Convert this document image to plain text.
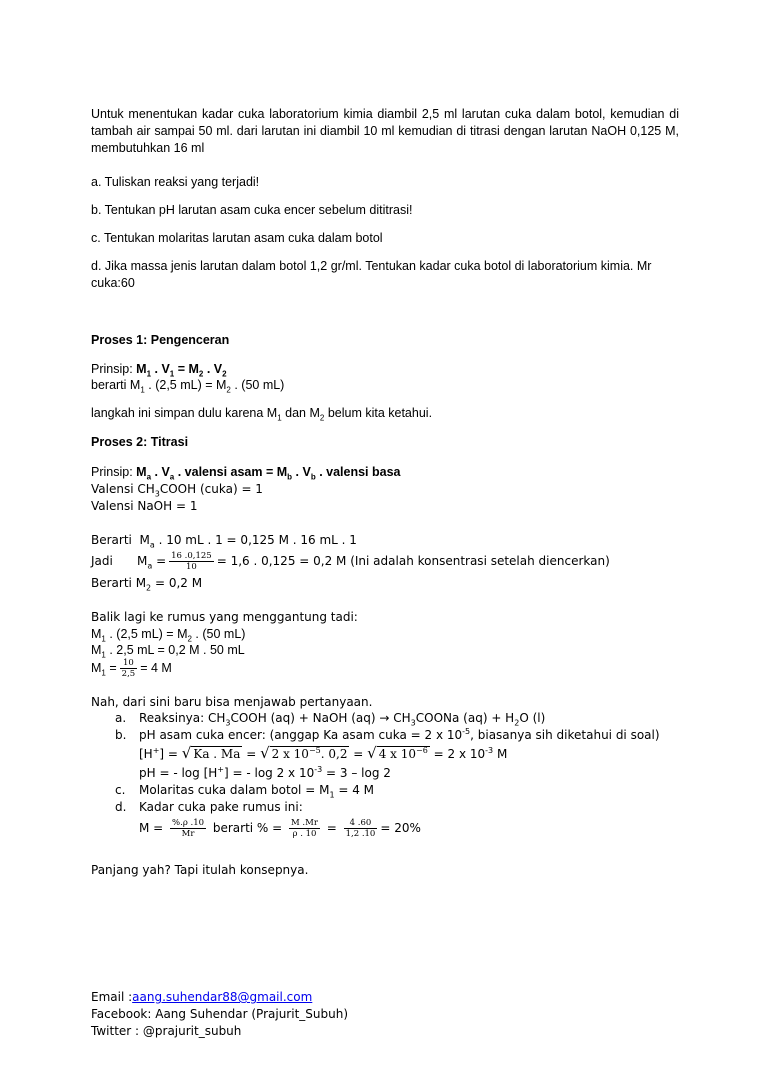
Untuk menentukan kadar cuka laboratorium kimia diambil 2,5 ml larutan cuka dalam botol, kemudian di tambah air sampai 50 ml. dari larutan ini diambil 10 ml kemudian di titrasi dengan larutan NaOH 0,125 M, membutuhkan 16 ml
a. Tuliskan reaksi yang terjadi!
b. Tentukan pH larutan asam cuka encer sebelum dititrasi!
c. Tentukan molaritas larutan asam cuka dalam botol
d. Jika massa jenis larutan dalam botol 1,2 gr/ml. Tentukan kadar cuka botol di laboratorium kimia. Mr cuka:60
Proses 1: Pengenceran
Prinsip: $M_1$ . $V_1 = M_2$ . $V_2$
berarti $M_1$ . (2,5 $mL) = M_2$ . (50 mL)
langkah ini simpan dulu karena $M_1$ dan $M_2$ belum kita ketahui.
Proses 2: Titrasi
Prinsip: $M_a$ . $V_a$ . valensi asam = $M_b$ . $V_b$ . valensi basa
Valensi $CH_3COOH$ (cuka) = 1
Valensi NaOH = 1
Berarti  $M_a$ . 10 mL . 1 = 0,125 M . 16 mL . 1
Jadi $M_a = \frac{16 .0,125}{10} = 1,6$ . 0,125 = 0,2 M (Ini adalah konsentrasi setelah diencerkan)
Berarti $M_2 = 0,2$ M
Balik lagi ke rumus yang menggantung tadi:
$M_1$ . (2,5 $mL) = M_2$ . (50 mL)
$M_1$ . 2,5 mL = 0,2 M . 50 mL
$M_1 = \frac{10}{2,5} = 4$ M
Nah, dari sini baru bisa menjawab pertanyaan.
a. Reaksinya: $CH_3COOH$ (aq) + NaOH $(aq) \to CH_3COONa$ $(aq) + H_2O$ (l)
b. pH asam cuka encer: (anggap Ka asam cuka = 2 x $10^{-5}$, biasanya sih diketahui di soal)
[H+] = √ Ka . Ma = √ 2 x $10^{-5}$. 0,2 = √ 4 x $10^{-6} = 2$ x $10^{-3}$ M
pH = - log [H+] = - log 2 x $10^{-3} = 3 - \log 2$
c. Molaritas cuka dalam botol = $M_1 = 4$ M
d. Kadar cuka pake rumus ini:
$M = \frac{\%.\rho .10}{Mr}$ berarti % = $\frac{M .Mr}{\rho . 10} = \frac{4 .60}{1,2 .10} = 20\%$
Panjang yah? Tapi itulah konsepnya.
Email :aang.suhendar88@gmail.com
Facebook: Aang Suhendar (Prajurit_Subuh)
Twitter : @prajurit_subuh
